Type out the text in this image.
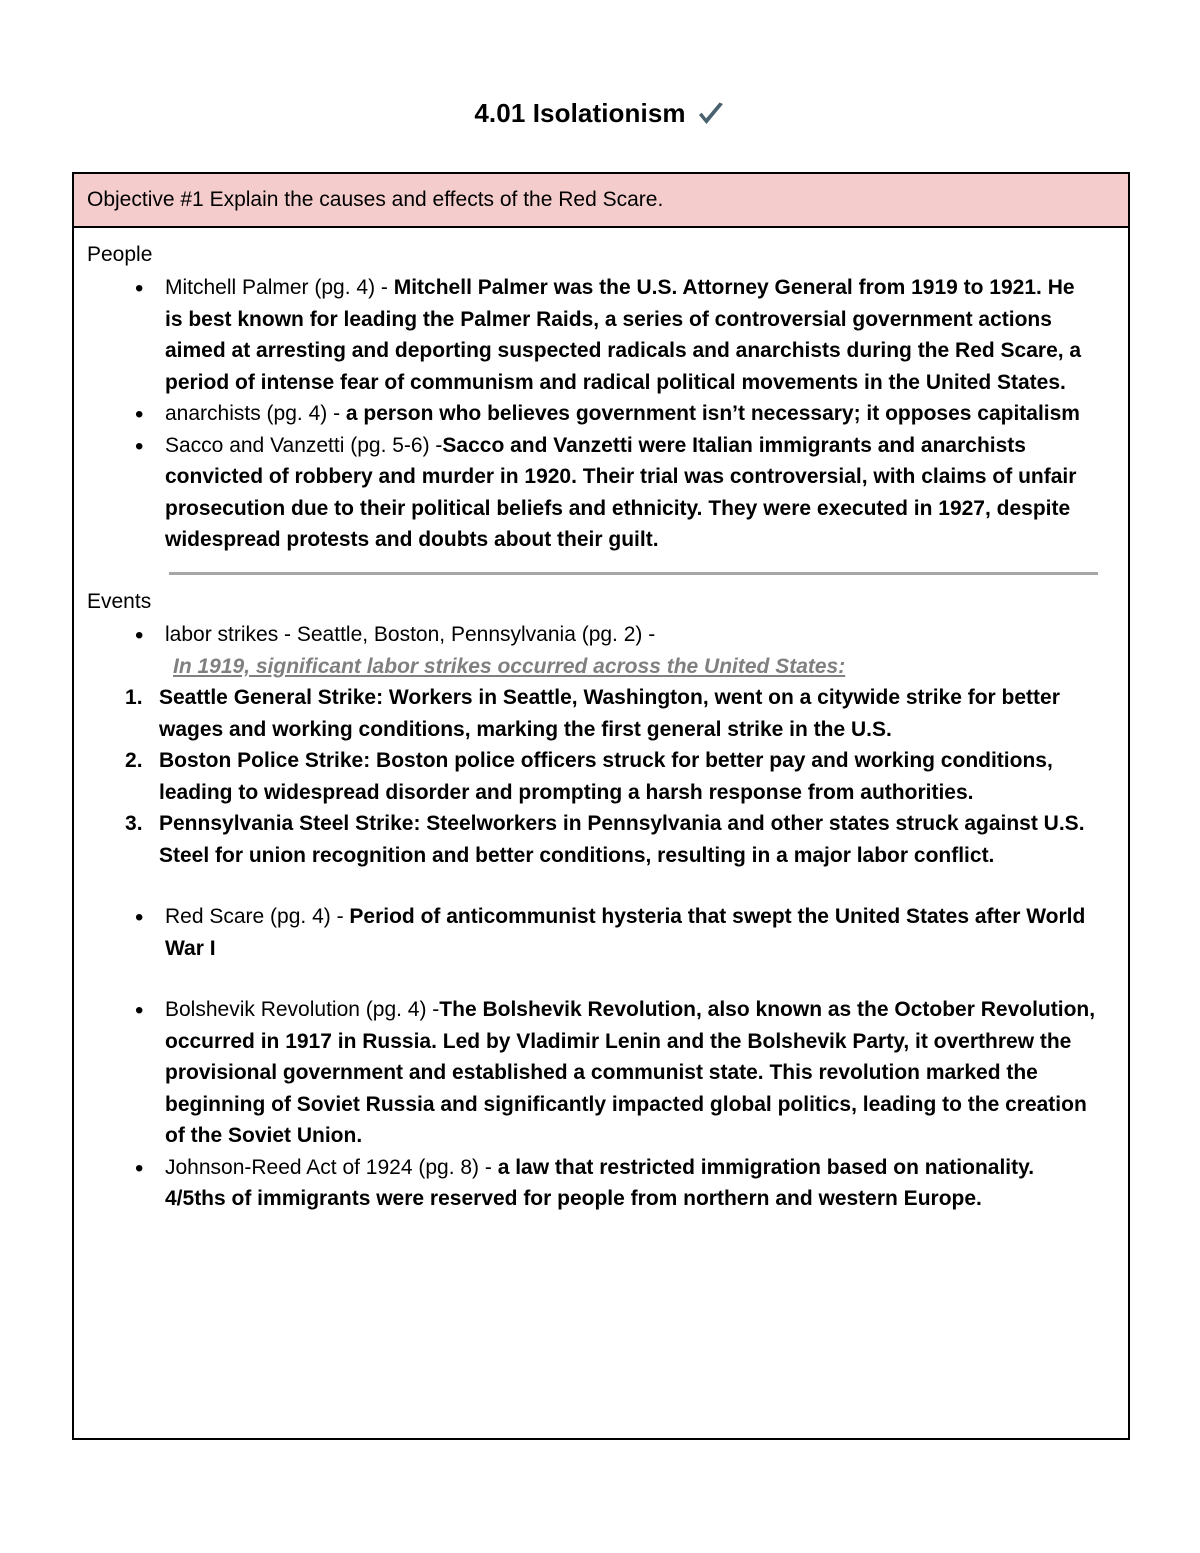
4.01 Isolationism
Objective #1 Explain the causes and effects of the Red Scare.
People
• Mitchell Palmer (pg. 4) - Mitchell Palmer was the U.S. Attorney General from 1919 to 1921. He is best known for leading the Palmer Raids, a series of controversial government actions aimed at arresting and deporting suspected radicals and anarchists during the Red Scare, a period of intense fear of communism and radical political movements in the United States.
• anarchists (pg. 4) - a person who believes government isn’t necessary; it opposes capitalism
• Sacco and Vanzetti (pg. 5-6) -Sacco and Vanzetti were Italian immigrants and anarchists convicted of robbery and murder in 1920. Their trial was controversial, with claims of unfair prosecution due to their political beliefs and ethnicity. They were executed in 1927, despite widespread protests and doubts about their guilt.
Events
• labor strikes - Seattle, Boston, Pennsylvania (pg. 2) -
In 1919, significant labor strikes occurred across the United States:
Seattle General Strike: Workers in Seattle, Washington, went on a citywide strike for better wages and working conditions, marking the first general strike in the U.S.
Boston Police Strike: Boston police officers struck for better pay and working conditions, leading to widespread disorder and prompting a harsh response from authorities.
Pennsylvania Steel Strike: Steelworkers in Pennsylvania and other states struck against U.S. Steel for union recognition and better conditions, resulting in a major labor conflict.
• Red Scare (pg. 4) - Period of anticommunist hysteria that swept the United States after World War I
• Bolshevik Revolution (pg. 4) -The Bolshevik Revolution, also known as the October Revolution, occurred in 1917 in Russia. Led by Vladimir Lenin and the Bolshevik Party, it overthrew the provisional government and established a communist state. This revolution marked the beginning of Soviet Russia and significantly impacted global politics, leading to the creation of the Soviet Union.
• Johnson-Reed Act of 1924 (pg. 8) - a law that restricted immigration based on nationality. 4/5ths of immigrants were reserved for people from northern and western Europe.
